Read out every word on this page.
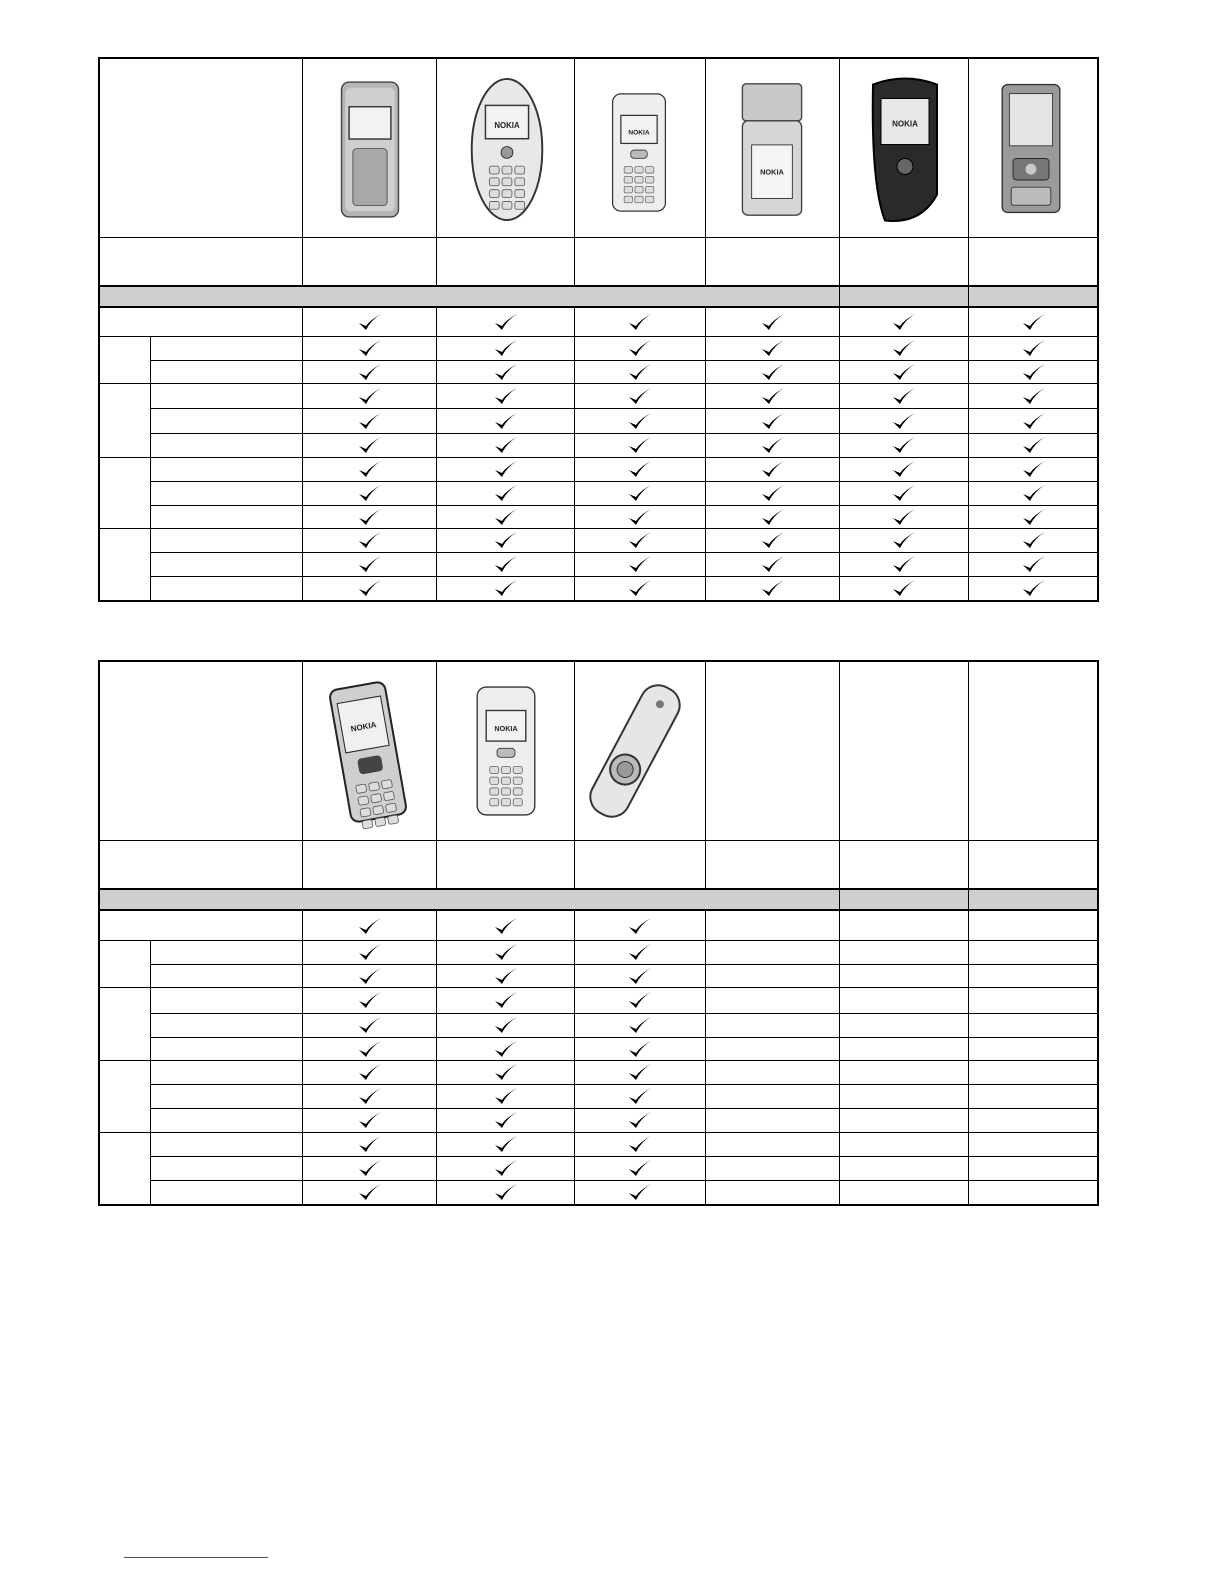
NOKIA
NOKIA
NOKIA
NOKIA
NOKIA	NOKIA
